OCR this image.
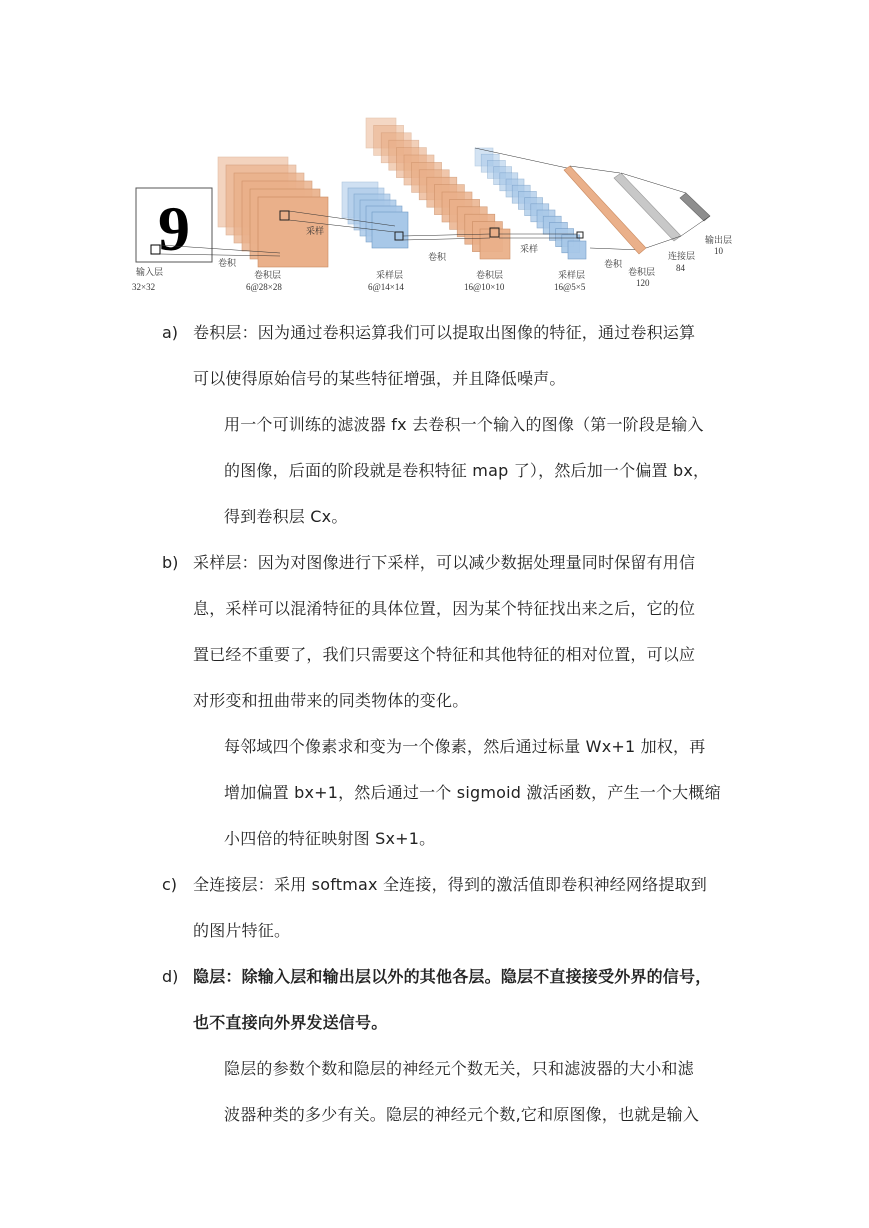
9
输入层
32×32
卷积
卷积层
6@28×28
采样
采样层
6@14×14
卷积
卷积层
16@10×10
采样
采样层
16@5×5
卷积
卷积层
120
连接层
84
输出层
10
a) 卷积层：因为通过卷积运算我们可以提取出图像的特征，通过卷积运算
可以使得原始信号的某些特征增强，并且降低噪声。
用一个可训练的滤波器 fx 去卷积一个输入的图像（第一阶段是输入
的图像，后面的阶段就是卷积特征 map 了），然后加一个偏置 bx，
得到卷积层 Cx。
b) 采样层：因为对图像进行下采样，可以减少数据处理量同时保留有用信
息，采样可以混淆特征的具体位置，因为某个特征找出来之后，它的位
置已经不重要了，我们只需要这个特征和其他特征的相对位置，可以应
对形变和扭曲带来的同类物体的变化。
每邻域四个像素求和变为一个像素，然后通过标量 Wx+1 加权，再
增加偏置 bx+1，然后通过一个 sigmoid 激活函数，产生一个大概缩
小四倍的特征映射图 Sx+1。
c) 全连接层：采用 softmax 全连接，得到的激活值即卷积神经网络提取到
的图片特征。
d) 隐层：除输入层和输出层以外的其他各层。隐层不直接接受外界的信号，
也不直接向外界发送信号。
隐层的参数个数和隐层的神经元个数无关，只和滤波器的大小和滤
波器种类的多少有关。隐层的神经元个数,它和原图像，也就是输入
